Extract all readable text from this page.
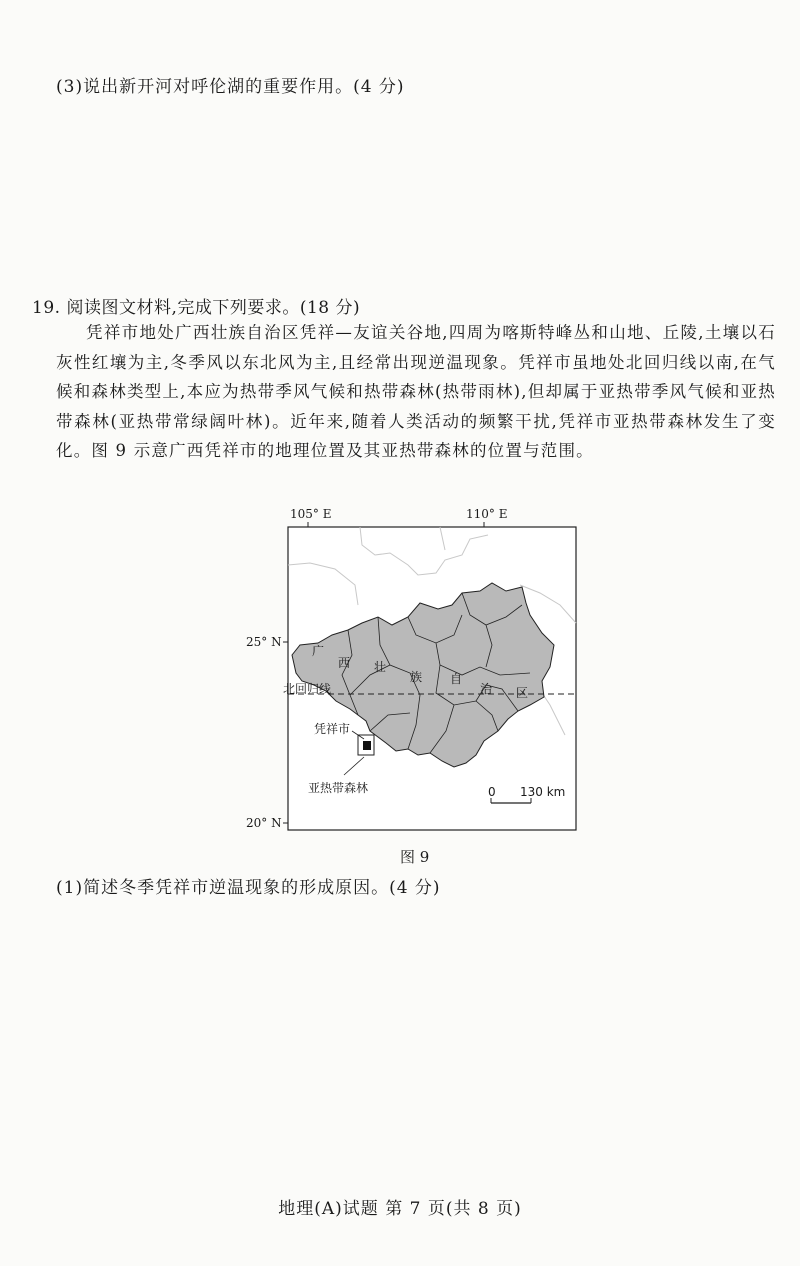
(3)说出新开河对呼伦湖的重要作用。(4 分)
19. 阅读图文材料,完成下列要求。(18 分)
凭祥市地处广西壮族自治区凭祥—友谊关谷地,四周为喀斯特峰丛和山地、丘陵,土壤以石灰性红壤为主,冬季风以东北风为主,且经常出现逆温现象。凭祥市虽地处北回归线以南,在气候和森林类型上,本应为热带季风气候和热带森林(热带雨林),但却属于亚热带季风气候和亚热带森林(亚热带常绿阔叶林)。近年来,随着人类活动的频繁干扰,凭祥市亚热带森林发生了变化。图 9 示意广西凭祥市的地理位置及其亚热带森林的位置与范围。
105° E	110° E
25° N
20° N
北回归线
广
西 壮
族 自
治 区
凭祥市
亚热带森林	0 130 km
图 9
(1)简述冬季凭祥市逆温现象的形成原因。(4 分)
地理(A)试题 第 7 页(共 8 页)
